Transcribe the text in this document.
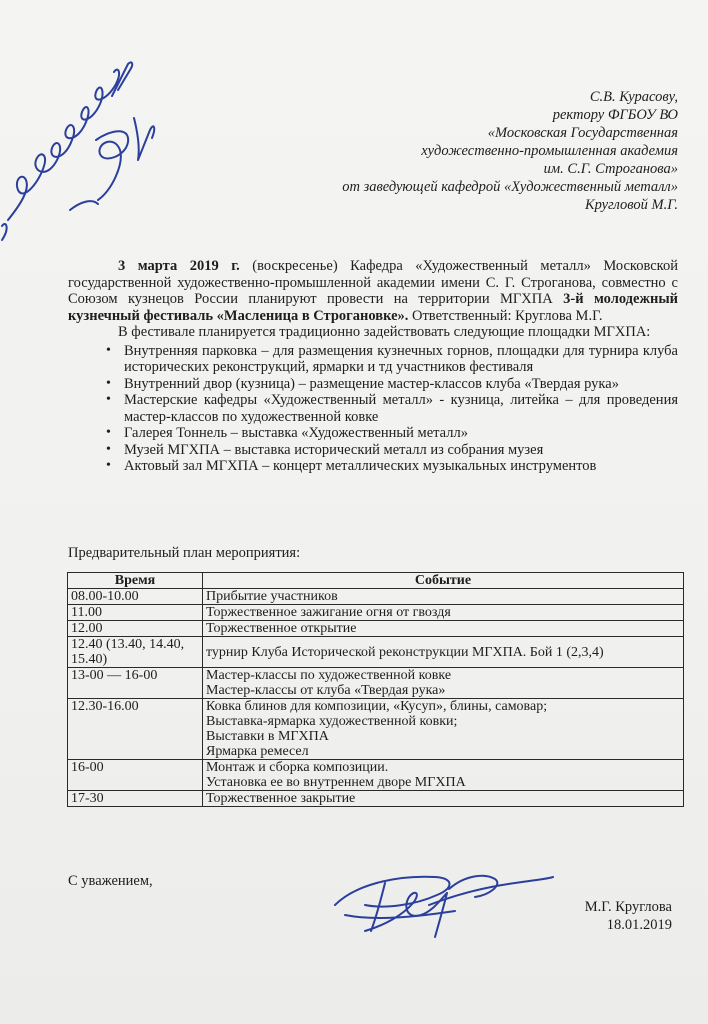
С.В. Курасову,
ректору ФГБОУ ВО
«Московская Государственная
художественно-промышленная академия
им. С.Г. Строганова»
от заведующей кафедрой «Художественный металл»
Кругловой М.Г.

3 марта 2019 г. (воскресенье) Кафедра «Художественный металл» Московской государственной художественно-промышленной академии имени С. Г. Строганова, совместно с Союзом кузнецов России планируют провести на территории МГХПА 3-й молодежный кузнечный фестиваль «Масленица в Строгановке». Ответственный: Круглова М.Г.

В фестивале планируется традиционно задействовать следующие площадки МГХПА:

• Внутренняя парковка – для размещения кузнечных горнов, площадки для турнира клуба исторических реконструкций, ярмарки и тд участников фестиваля
• Внутренний двор (кузница) – размещение мастер-классов клуба «Твердая рука»
• Мастерские кафедры «Художественный металл» - кузница, литейка – для проведения мастер-классов по художественной ковке
• Галерея Тоннель – выставка «Художественный металл»
• Музей МГХПА – выставка исторический металл из собрания музея
• Актовый зал МГХПА – концерт металлических музыкальных инструментов
Предварительный план мероприятия:
Время	Событие
08.00-10.00	Прибытие участников

11.00	Торжественное зажигание огня от гвоздя

12.00	Торжественное открытие

12.40 (13.40, 14.40, 15.40)	турнир Клуба Исторической реконструкции МГХПА. Бой 1 (2,3,4)

13-00 — 16-00	Мастер-классы по художественной ковке
Мастер-классы от клуба «Твердая рука»

12.30-16.00	Ковка блинов для композиции, «Кусуп», блины, самовар;
Выставка-ярмарка художественной ковки;
Выставки в МГХПА
Ярмарка ремесел

16-00	Монтаж и сборка композиции.
Установка ее во внутреннем дворе МГХПА

17-30	Торжественное закрытие
С уважением,
М.Г. Круглова
18.01.2019
